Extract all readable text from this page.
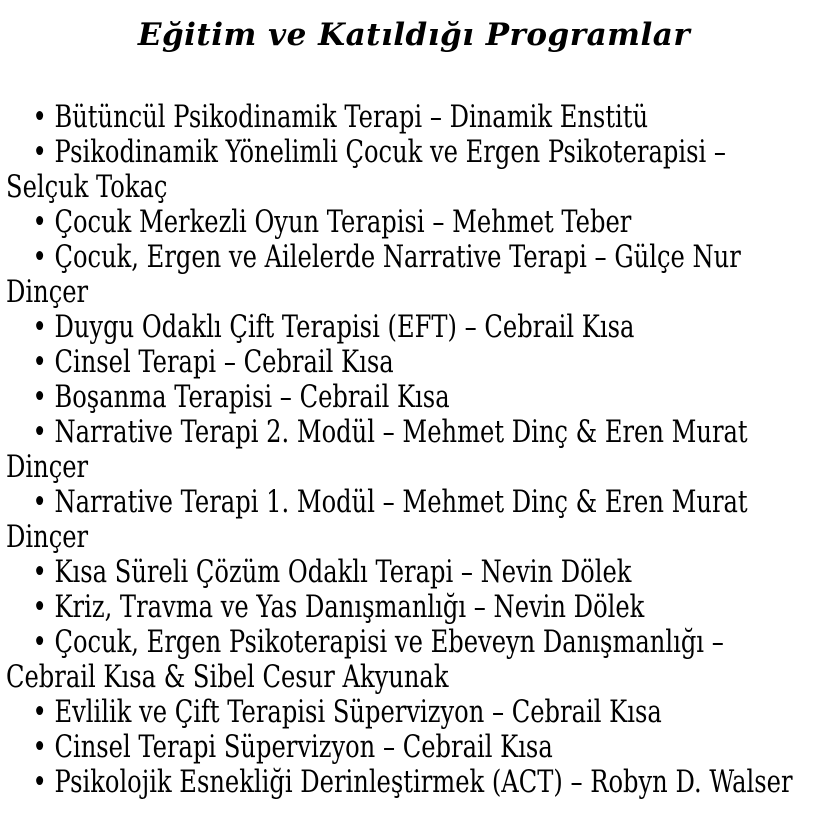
Eğitim ve Katıldığı Programlar

• Bütüncül Psikodinamik Terapi – Dinamik Enstitü

• Psikodinamik Yönelimli Çocuk ve Ergen Psikoterapisi –
Selçuk Tokaç

• Çocuk Merkezli Oyun Terapisi – Mehmet Teber

• Çocuk, Ergen ve Ailelerde Narrative Terapi – Gülçe Nur
Dinçer

• Duygu Odaklı Çift Terapisi (EFT) – Cebrail Kısa

• Cinsel Terapi – Cebrail Kısa

• Boşanma Terapisi – Cebrail Kısa

• Narrative Terapi 2. Modül – Mehmet Dinç & Eren Murat
Dinçer

• Narrative Terapi 1. Modül – Mehmet Dinç & Eren Murat
Dinçer

• Kısa Süreli Çözüm Odaklı Terapi – Nevin Dölek

• Kriz, Travma ve Yas Danışmanlığı – Nevin Dölek

• Çocuk, Ergen Psikoterapisi ve Ebeveyn Danışmanlığı –
Cebrail Kısa & Sibel Cesur Akyunak

• Evlilik ve Çift Terapisi Süpervizyon – Cebrail Kısa

• Cinsel Terapi Süpervizyon – Cebrail Kısa

• Psikolojik Esnekliği Derinleştirmek (ACT) – Robyn D. Walser
